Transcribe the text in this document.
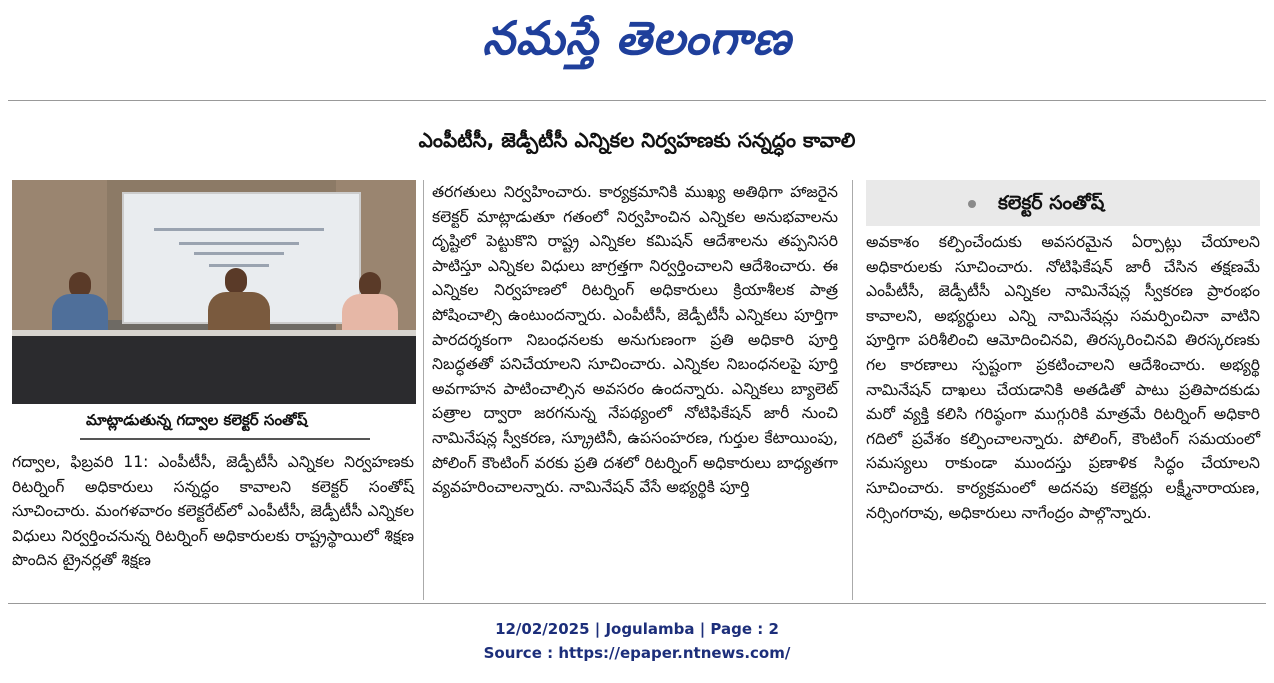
నమస్తే తెలంగాణ
ఎంపీటీసీ, జెడ్పీటీసీ ఎన్నికల నిర్వహణకు సన్నద్ధం కావాలి
మాట్లాడుతున్న గద్వాల కలెక్టర్ సంతోష్

గద్వాల, ఫిబ్రవరి 11: ఎంపీటీసీ, జెడ్పీటీసీ ఎన్నికల నిర్వహణకు రిటర్నింగ్ అధికారులు సన్నద్ధం కావాలని కలెక్టర్ సంతోష్ సూచించారు. మంగళవారం కలెక్టరేట్‌లో ఎంపీటీసీ, జెడ్పీటీసీ ఎన్నికల విధులు నిర్వర్తించనున్న రిటర్నింగ్ అధికారులకు రాష్ట్రస్థాయిలో శిక్షణ పొందిన ట్రైనర్లతో శిక్షణ

తరగతులు నిర్వహించారు. కార్యక్రమానికి ముఖ్య అతిథిగా హాజరైన కలెక్టర్ మాట్లాడుతూ గతంలో నిర్వహించిన ఎన్నికల అనుభవాలను దృష్టిలో పెట్టుకొని రాష్ట్ర ఎన్నికల కమిషన్ ఆదేశాలను తప్పనిసరి పాటిస్తూ ఎన్నికల విధులు జాగ్రత్తగా నిర్వర్తించాలని ఆదేశించారు. ఈ ఎన్నికల నిర్వహణలో రిటర్నింగ్ అధికారులు క్రియాశీలక పాత్ర పోషించాల్సి ఉంటుందన్నారు. ఎంపీటీసీ, జెడ్పీటీసీ ఎన్నికలు పూర్తిగా పారదర్శకంగా నిబంధనలకు అనుగుణంగా ప్రతి అధికారి పూర్తి నిబద్ధతతో పనిచేయాలని సూచించారు. ఎన్నికల నిబంధనలపై పూర్తి అవగాహన పాటించాల్సిన అవసరం ఉందన్నారు. ఎన్నికలు బ్యాలెట్ పత్రాల ద్వారా జరగనున్న నేపథ్యంలో నోటిఫికేషన్ జారీ నుంచి నామినేషన్ల స్వీకరణ, స్క్రూటినీ, ఉపసంహరణ, గుర్తుల కేటాయింపు, పోలింగ్ కౌంటింగ్ వరకు ప్రతి దశలో రిటర్నింగ్ అధికారులు బాధ్యతగా వ్యవహరించాలన్నారు. నామినేషన్ వేసే అభ్యర్థికి పూర్తి

కలెక్టర్ సంతోష్

అవకాశం కల్పించేందుకు అవసరమైన ఏర్పాట్లు చేయాలని అధికారులకు సూచించారు. నోటిఫికేషన్ జారీ చేసిన తక్షణమే ఎంపీటీసీ, జెడ్పీటీసీ ఎన్నికల నామినేషన్ల స్వీకరణ ప్రారంభం కావాలని, అభ్యర్థులు ఎన్ని నామినేషన్లు సమర్పించినా వాటిని పూర్తిగా పరిశీలించి ఆమోదించినవి, తిరస్కరించినవి తిరస్కరణకు గల కారణాలు స్పష్టంగా ప్రకటించాలని ఆదేశించారు. అభ్యర్థి నామినేషన్ దాఖలు చేయడానికి అతడితో పాటు ప్రతిపాదకుడు మరో వ్యక్తి కలిసి గరిష్ఠంగా ముగ్గురికి మాత్రమే రిటర్నింగ్ అధికారి గదిలో ప్రవేశం కల్పించాలన్నారు. పోలింగ్, కౌంటింగ్ సమయంలో సమస్యలు రాకుండా ముందస్తు ప్రణాళిక సిద్ధం చేయాలని సూచించారు. కార్యక్రమంలో అదనపు కలెక్టర్లు లక్ష్మీనారాయణ, నర్సింగరావు, అధికారులు నాగేంద్రం పాల్గొన్నారు.

12/02/2025 | Jogulamba | Page : 2
Source : https://epaper.ntnews.com/
